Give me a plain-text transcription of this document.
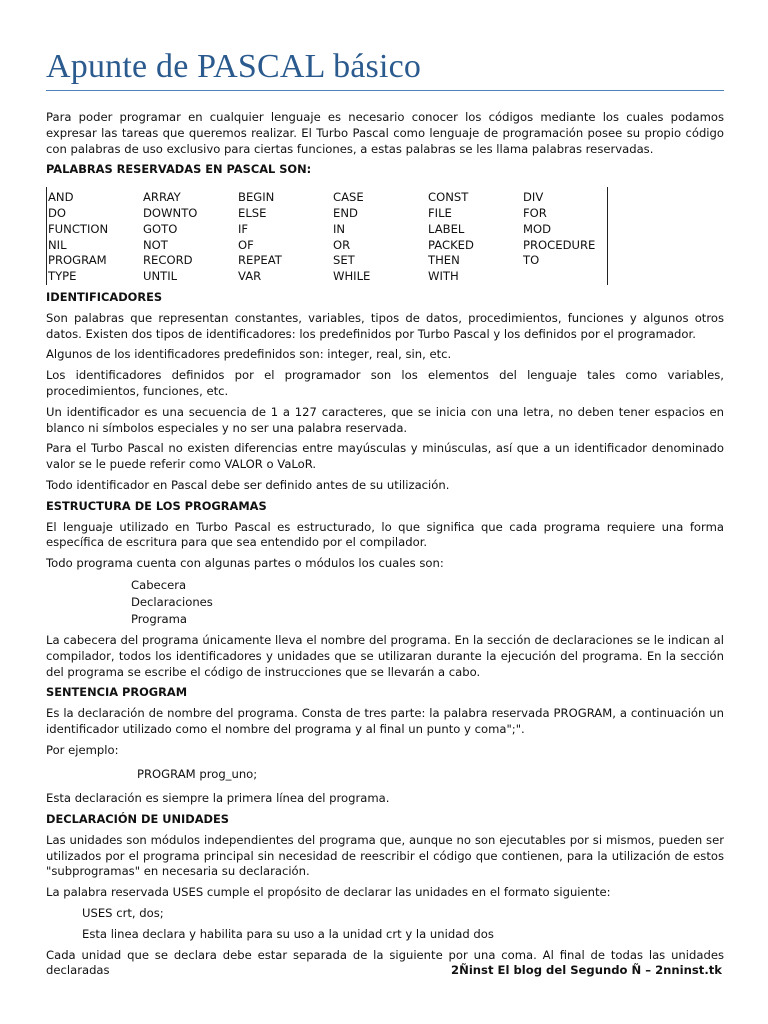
Apunte de PASCAL básico

Para poder programar en cualquier lenguaje es necesario conocer los códigos mediante los cuales podamos expresar las tareas que queremos realizar. El Turbo Pascal como lenguaje de programación posee su propio código con palabras de uso exclusivo para ciertas funciones, a estas palabras se les llama palabras reservadas.

PALABRAS RESERVADAS EN PASCAL SON:
AND	ARRAY	BEGIN	CASE	CONST	DIV
DO	DOWNTO	ELSE	END	FILE	FOR
FUNCTION	GOTO	IF	IN	LABEL	MOD
NIL	NOT	OF	OR	PACKED	PROCEDURE
PROGRAM	RECORD	REPEAT	SET	THEN	TO
TYPE	UNTIL	VAR	WHILE	WITH
IDENTIFICADORES

Son palabras que representan constantes, variables, tipos de datos, procedimientos, funciones y algunos otros datos. Existen dos tipos de identificadores: los predefinidos por Turbo Pascal y los definidos por el programador.

Algunos de los identificadores predefinidos son: integer, real, sin, etc.

Los identificadores definidos por el programador son los elementos del lenguaje tales como variables, procedimientos, funciones, etc.

Un identificador es una secuencia de 1 a 127 caracteres, que se inicia con una letra, no deben tener espacios en blanco ni símbolos especiales y no ser una palabra reservada.

Para el Turbo Pascal no existen diferencias entre mayúsculas y minúsculas, así que a un identificador denominado valor se le puede referir como VALOR o VaLoR.

Todo identificador en Pascal debe ser definido antes de su utilización.

ESTRUCTURA DE LOS PROGRAMAS

El lenguaje utilizado en Turbo Pascal es estructurado, lo que significa que cada programa requiere una forma específica de escritura para que sea entendido por el compilador.

Todo programa cuenta con algunas partes o módulos los cuales son:

Cabecera
Declaraciones
Programa

La cabecera del programa únicamente lleva el nombre del programa. En la sección de declaraciones se le indican al compilador, todos los identificadores y unidades que se utilizaran durante la ejecución del programa. En la sección del programa se escribe el código de instrucciones que se llevarán a cabo.

SENTENCIA PROGRAM

Es la declaración de nombre del programa. Consta de tres parte: la palabra reservada PROGRAM, a continuación un identificador utilizado como el nombre del programa y al final un punto y coma";".

Por ejemplo:

PROGRAM prog_uno;

Esta declaración es siempre la primera línea del programa.

DECLARACIÓN DE UNIDADES

Las unidades son módulos independientes del programa que, aunque no son ejecutables por si mismos, pueden ser utilizados por el programa principal sin necesidad de reescribir el código que contienen, para la utilización de estos "subprogramas" en necesaria su declaración.

La palabra reservada USES cumple el propósito de declarar las unidades en el formato siguiente:

USES crt, dos;
Esta linea declara y habilita para su uso a la unidad crt y la unidad dos

Cada unidad que se declara debe estar separada de la siguiente por una coma. Al final de todas las unidades declaradas	2Ñinst El blog del Segundo Ñ – 2nninst.tk
